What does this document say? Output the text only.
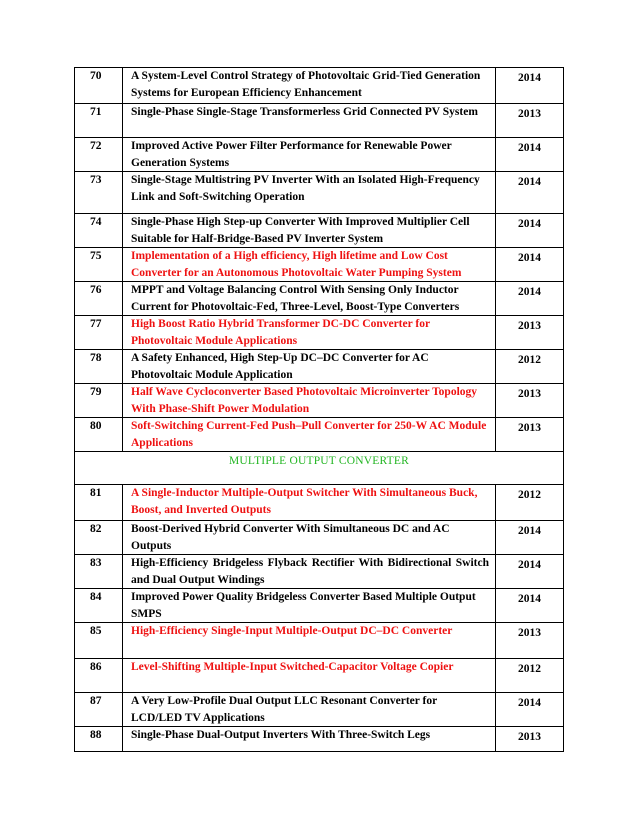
70	A System-Level Control Strategy of Photovoltaic Grid-Tied Generation Systems for European Efficiency Enhancement	2014
71	Single-Phase Single-Stage Transformerless Grid Connected PV System	2013
72	Improved Active Power Filter Performance for Renewable Power Generation Systems	2014
73	Single-Stage Multistring PV Inverter With an Isolated High-Frequency Link and Soft-Switching Operation	2014
74	Single-Phase High Step-up Converter With Improved Multiplier Cell Suitable for Half-Bridge-Based PV Inverter System	2014
75	Implementation of a High efficiency, High lifetime and Low Cost Converter for an Autonomous Photovoltaic Water Pumping System	2014
76	MPPT and Voltage Balancing Control With Sensing Only Inductor Current for Photovoltaic-Fed, Three-Level, Boost-Type Converters	2014
77	High Boost Ratio Hybrid Transformer DC-DC Converter for Photovoltaic Module Applications	2013
78	A Safety Enhanced, High Step-Up DC–DC Converter for AC Photovoltaic Module Application	2012
79	Half Wave Cycloconverter Based Photovoltaic Microinverter Topology With Phase-Shift Power Modulation	2013
80	Soft-Switching Current-Fed Push–Pull Converter for 250-W AC Module Applications	2013
MULTIPLE OUTPUT CONVERTER		
81	A Single-Inductor Multiple-Output Switcher With Simultaneous Buck, Boost, and Inverted Outputs	2012
82	Boost-Derived Hybrid Converter With Simultaneous DC and AC Outputs	2014
83	High-Efficiency Bridgeless Flyback Rectifier With Bidirectional Switch and Dual Output Windings	2014
84	Improved Power Quality Bridgeless Converter Based Multiple Output SMPS	2014
85	High-Efficiency Single-Input Multiple-Output DC–DC Converter	2013
86	Level-Shifting Multiple-Input Switched-Capacitor Voltage Copier	2012
87	A Very Low-Profile Dual Output LLC Resonant Converter for LCD/LED TV Applications	2014
88	Single-Phase Dual-Output Inverters With Three-Switch Legs	2013
